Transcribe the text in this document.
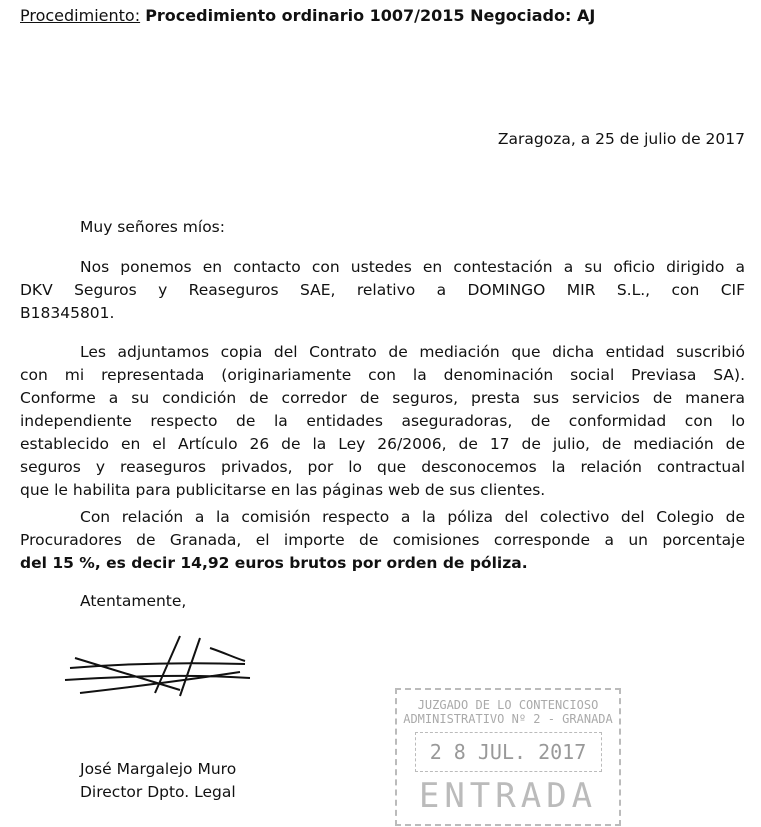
Procedimiento: Procedimiento ordinario 1007/2015 Negociado: AJ
Zaragoza, a 25 de julio de 2017
Muy señores míos:
Nos ponemos en contacto con ustedes en contestación a su oficio dirigido a
DKV Seguros y Reaseguros SAE, relativo a DOMINGO MIR S.L., con CIF
B18345801.
Les adjuntamos copia del Contrato de mediación que dicha entidad suscribió
con mi representada (originariamente con la denominación social Previasa SA).
Conforme a su condición de corredor de seguros, presta sus servicios de manera
independiente respecto de la entidades aseguradoras, de conformidad con lo
establecido en el Artículo 26 de la Ley 26/2006, de 17 de julio, de mediación de
seguros y reaseguros privados, por lo que desconocemos la relación contractual
que le habilita para publicitarse en las páginas web de sus clientes.
Con relación a la comisión respecto a la póliza del colectivo del Colegio de
Procuradores de Granada, el importe de comisiones corresponde a un porcentaje
del 15 %, es decir 14,92 euros brutos por orden de póliza.
Atentamente,
José Margalejo Muro
Director Dpto. Legal
JUZGADO DE LO CONTENCIOSO ADMINISTRATIVO Nº 2 - GRANADA
2 8 JUL. 2017
ENTRADA
